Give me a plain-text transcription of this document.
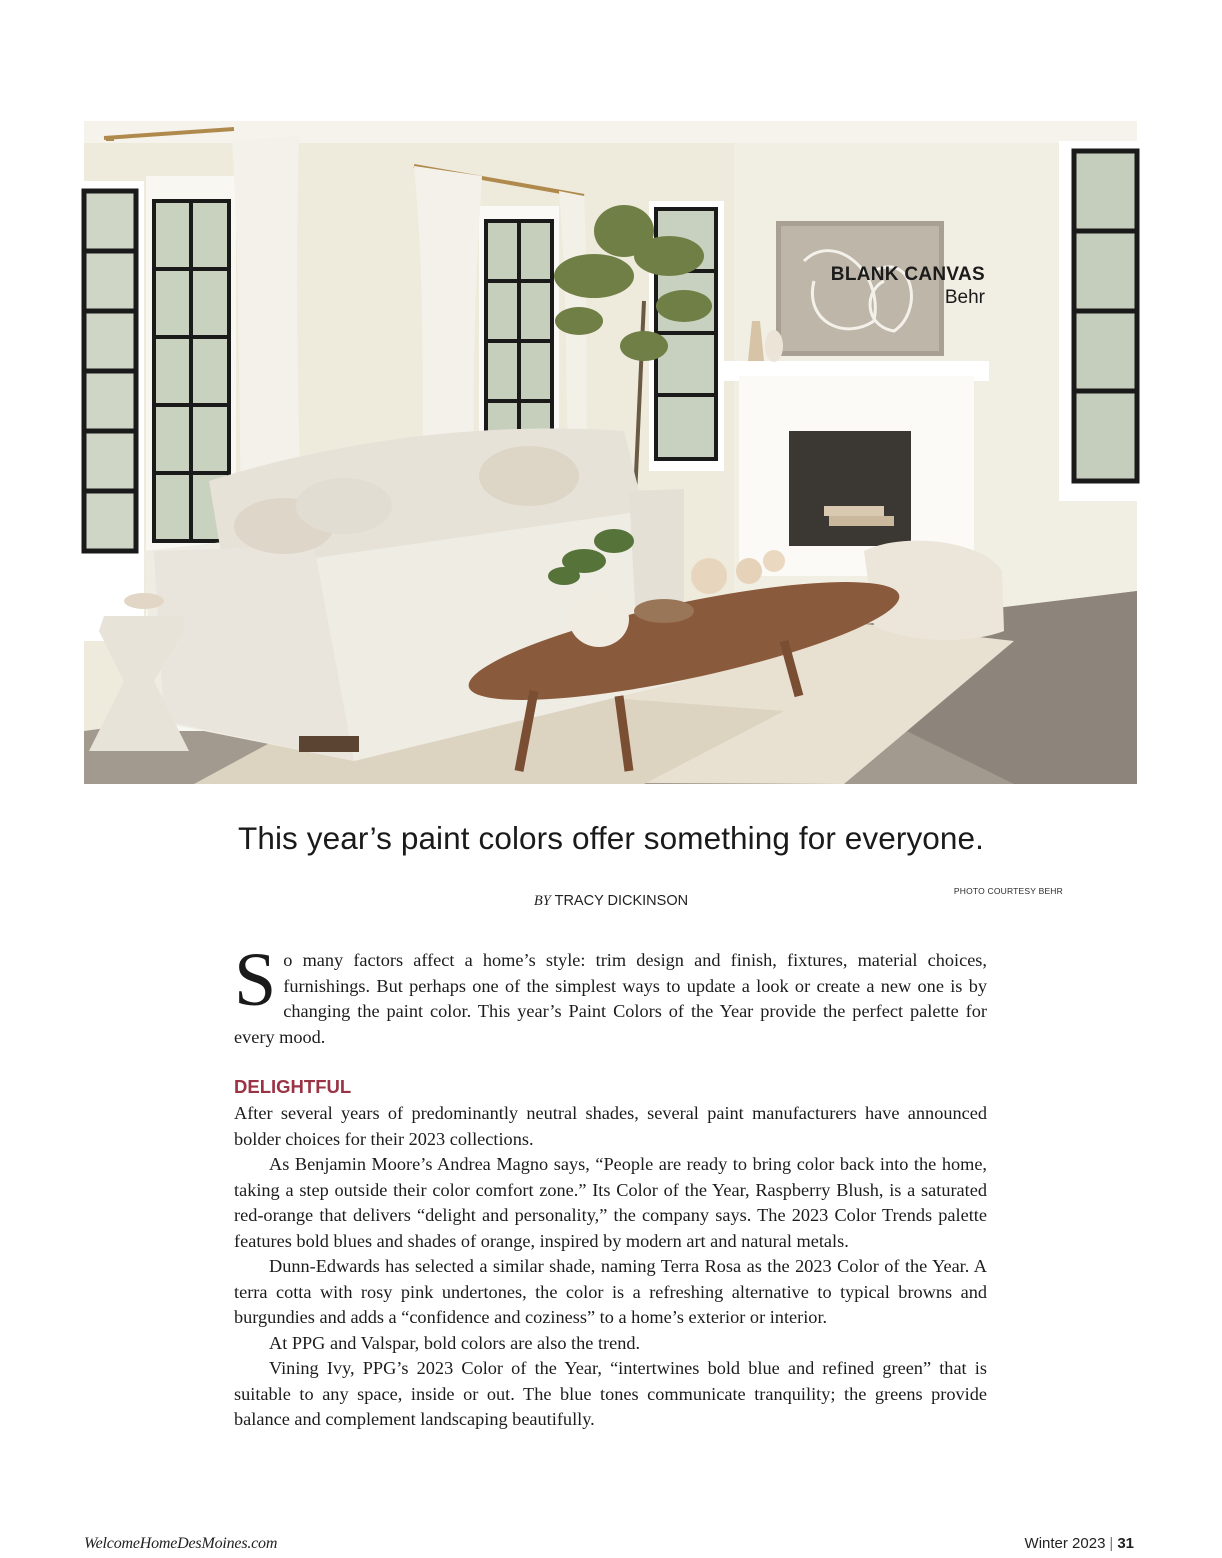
BLANK CANVAS
Behr
PHOTO COURTESY BEHR
This year’s paint colors offer something for everyone.
BY TRACY DICKINSON

So many factors affect a home’s style: trim design and finish, fixtures, material choices, furnishings. But perhaps one of the simplest ways to update a look or create a new one is by changing the paint color. This year’s Paint Colors of the Year provide the perfect palette for every mood.

DELIGHTFUL

After several years of predominantly neutral shades, several paint manufacturers have announced bolder choices for their 2023 collections.

As Benjamin Moore’s Andrea Magno says, “People are ready to bring color back into the home, taking a step outside their color comfort zone.” Its Color of the Year, Raspberry Blush, is a saturated red-orange that delivers “delight and personality,” the company says. The 2023 Color Trends palette features bold blues and shades of orange, inspired by modern art and natural metals.

Dunn-Edwards has selected a similar shade, naming Terra Rosa as the 2023 Color of the Year. A terra cotta with rosy pink undertones, the color is a refreshing alternative to typical browns and burgundies and adds a “confidence and coziness” to a home’s exterior or interior.

At PPG and Valspar, bold colors are also the trend.

Vining Ivy, PPG’s 2023 Color of the Year, “intertwines bold blue and refined green” that is suitable to any space, inside or out. The blue tones communicate tranquility; the greens provide balance and complement landscaping beautifully.

WelcomeHomeDesMoines.com	Winter 2023 | 31
